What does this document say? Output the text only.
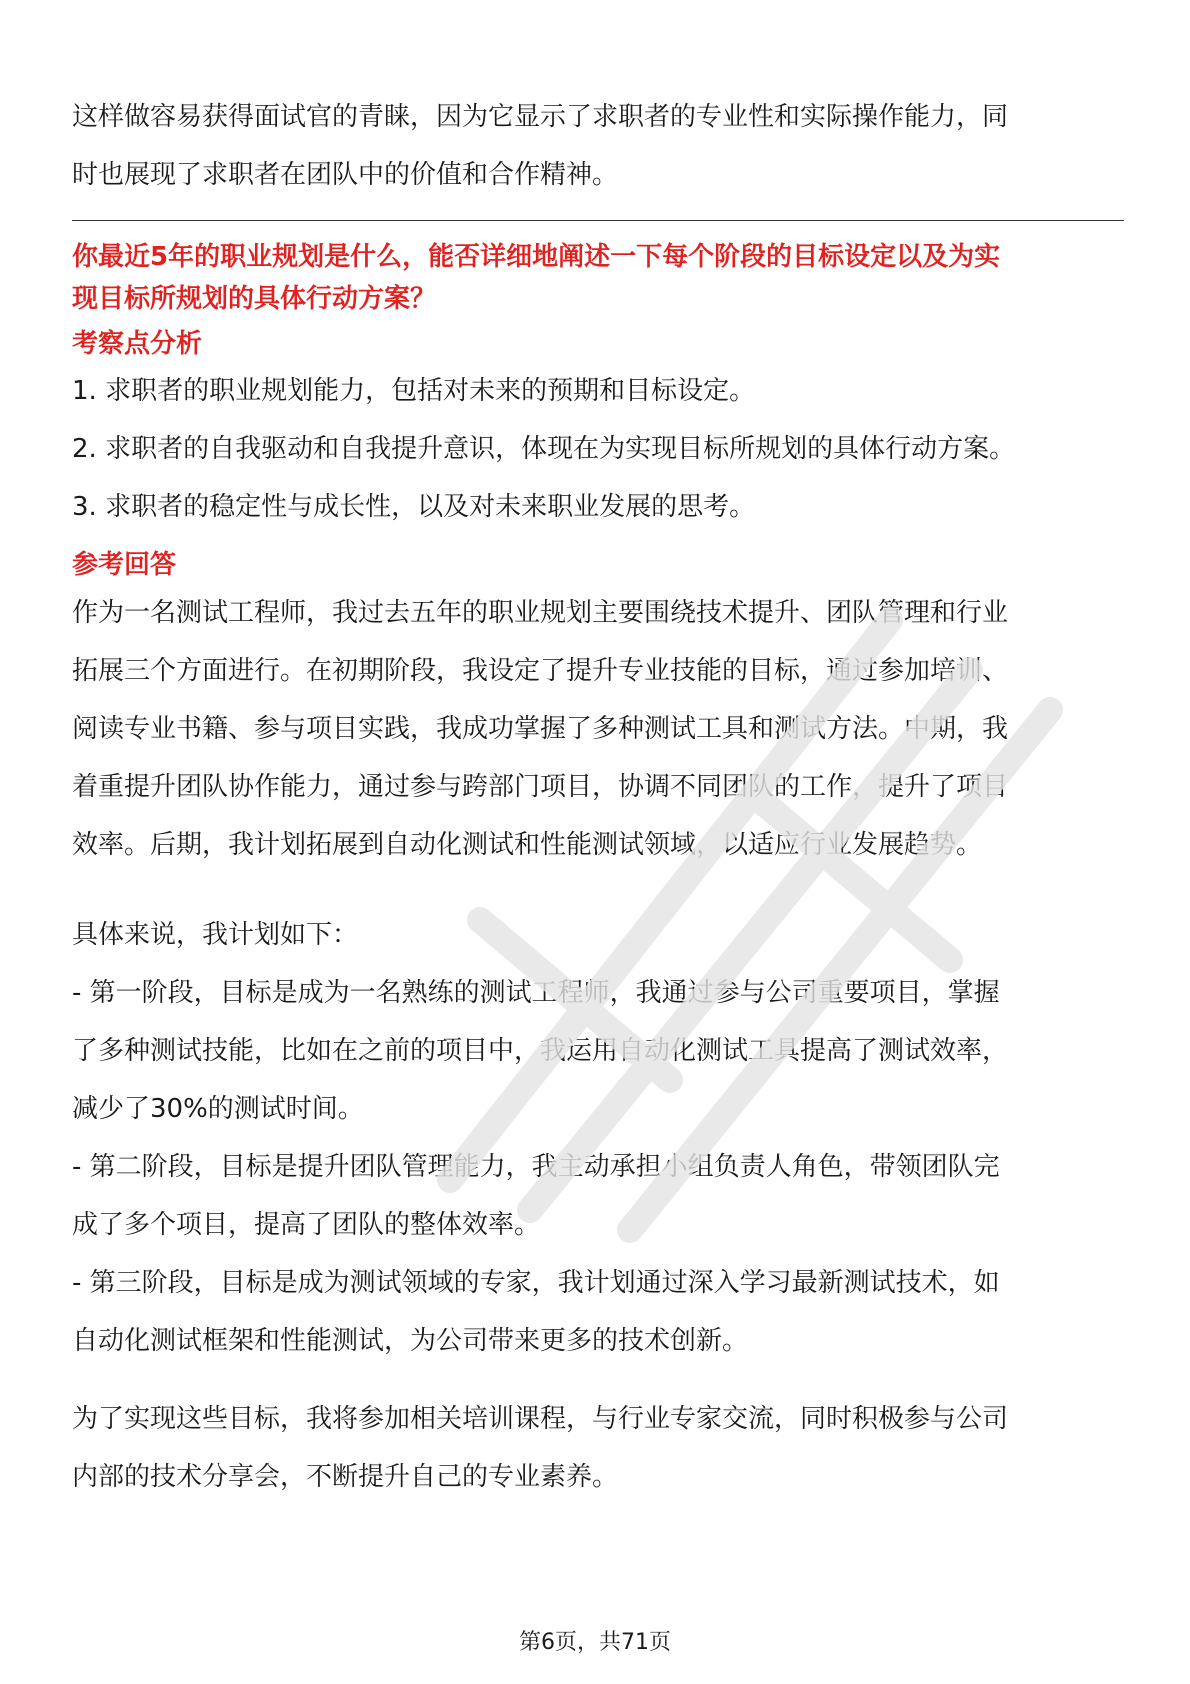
这样做容易获得面试官的青睐，因为它显示了求职者的专业性和实际操作能力，同
时也展现了求职者在团队中的价值和合作精神。
你最近5年的职业规划是什么，能否详细地阐述一下每个阶段的目标设定以及为实
现目标所规划的具体行动方案？
考察点分析
1. 求职者的职业规划能力，包括对未来的预期和目标设定。
2. 求职者的自我驱动和自我提升意识，体现在为实现目标所规划的具体行动方案。
3. 求职者的稳定性与成长性，以及对未来职业发展的思考。
参考回答
作为一名测试工程师，我过去五年的职业规划主要围绕技术提升、团队管理和行业
拓展三个方面进行。在初期阶段，我设定了提升专业技能的目标，通过参加培训、
阅读专业书籍、参与项目实践，我成功掌握了多种测试工具和测试方法。中期，我
着重提升团队协作能力，通过参与跨部门项目，协调不同团队的工作，提升了项目
效率。后期，我计划拓展到自动化测试和性能测试领域，以适应行业发展趋势。
具体来说，我计划如下：
- 第一阶段，目标是成为一名熟练的测试工程师，我通过参与公司重要项目，掌握
了多种测试技能，比如在之前的项目中，我运用自动化测试工具提高了测试效率，
减少了30%的测试时间。
- 第二阶段，目标是提升团队管理能力，我主动承担小组负责人角色，带领团队完
成了多个项目，提高了团队的整体效率。
- 第三阶段，目标是成为测试领域的专家，我计划通过深入学习最新测试技术，如
自动化测试框架和性能测试，为公司带来更多的技术创新。
为了实现这些目标，我将参加相关培训课程，与行业专家交流，同时积极参与公司
内部的技术分享会，不断提升自己的专业素养。
第6页，共71页
